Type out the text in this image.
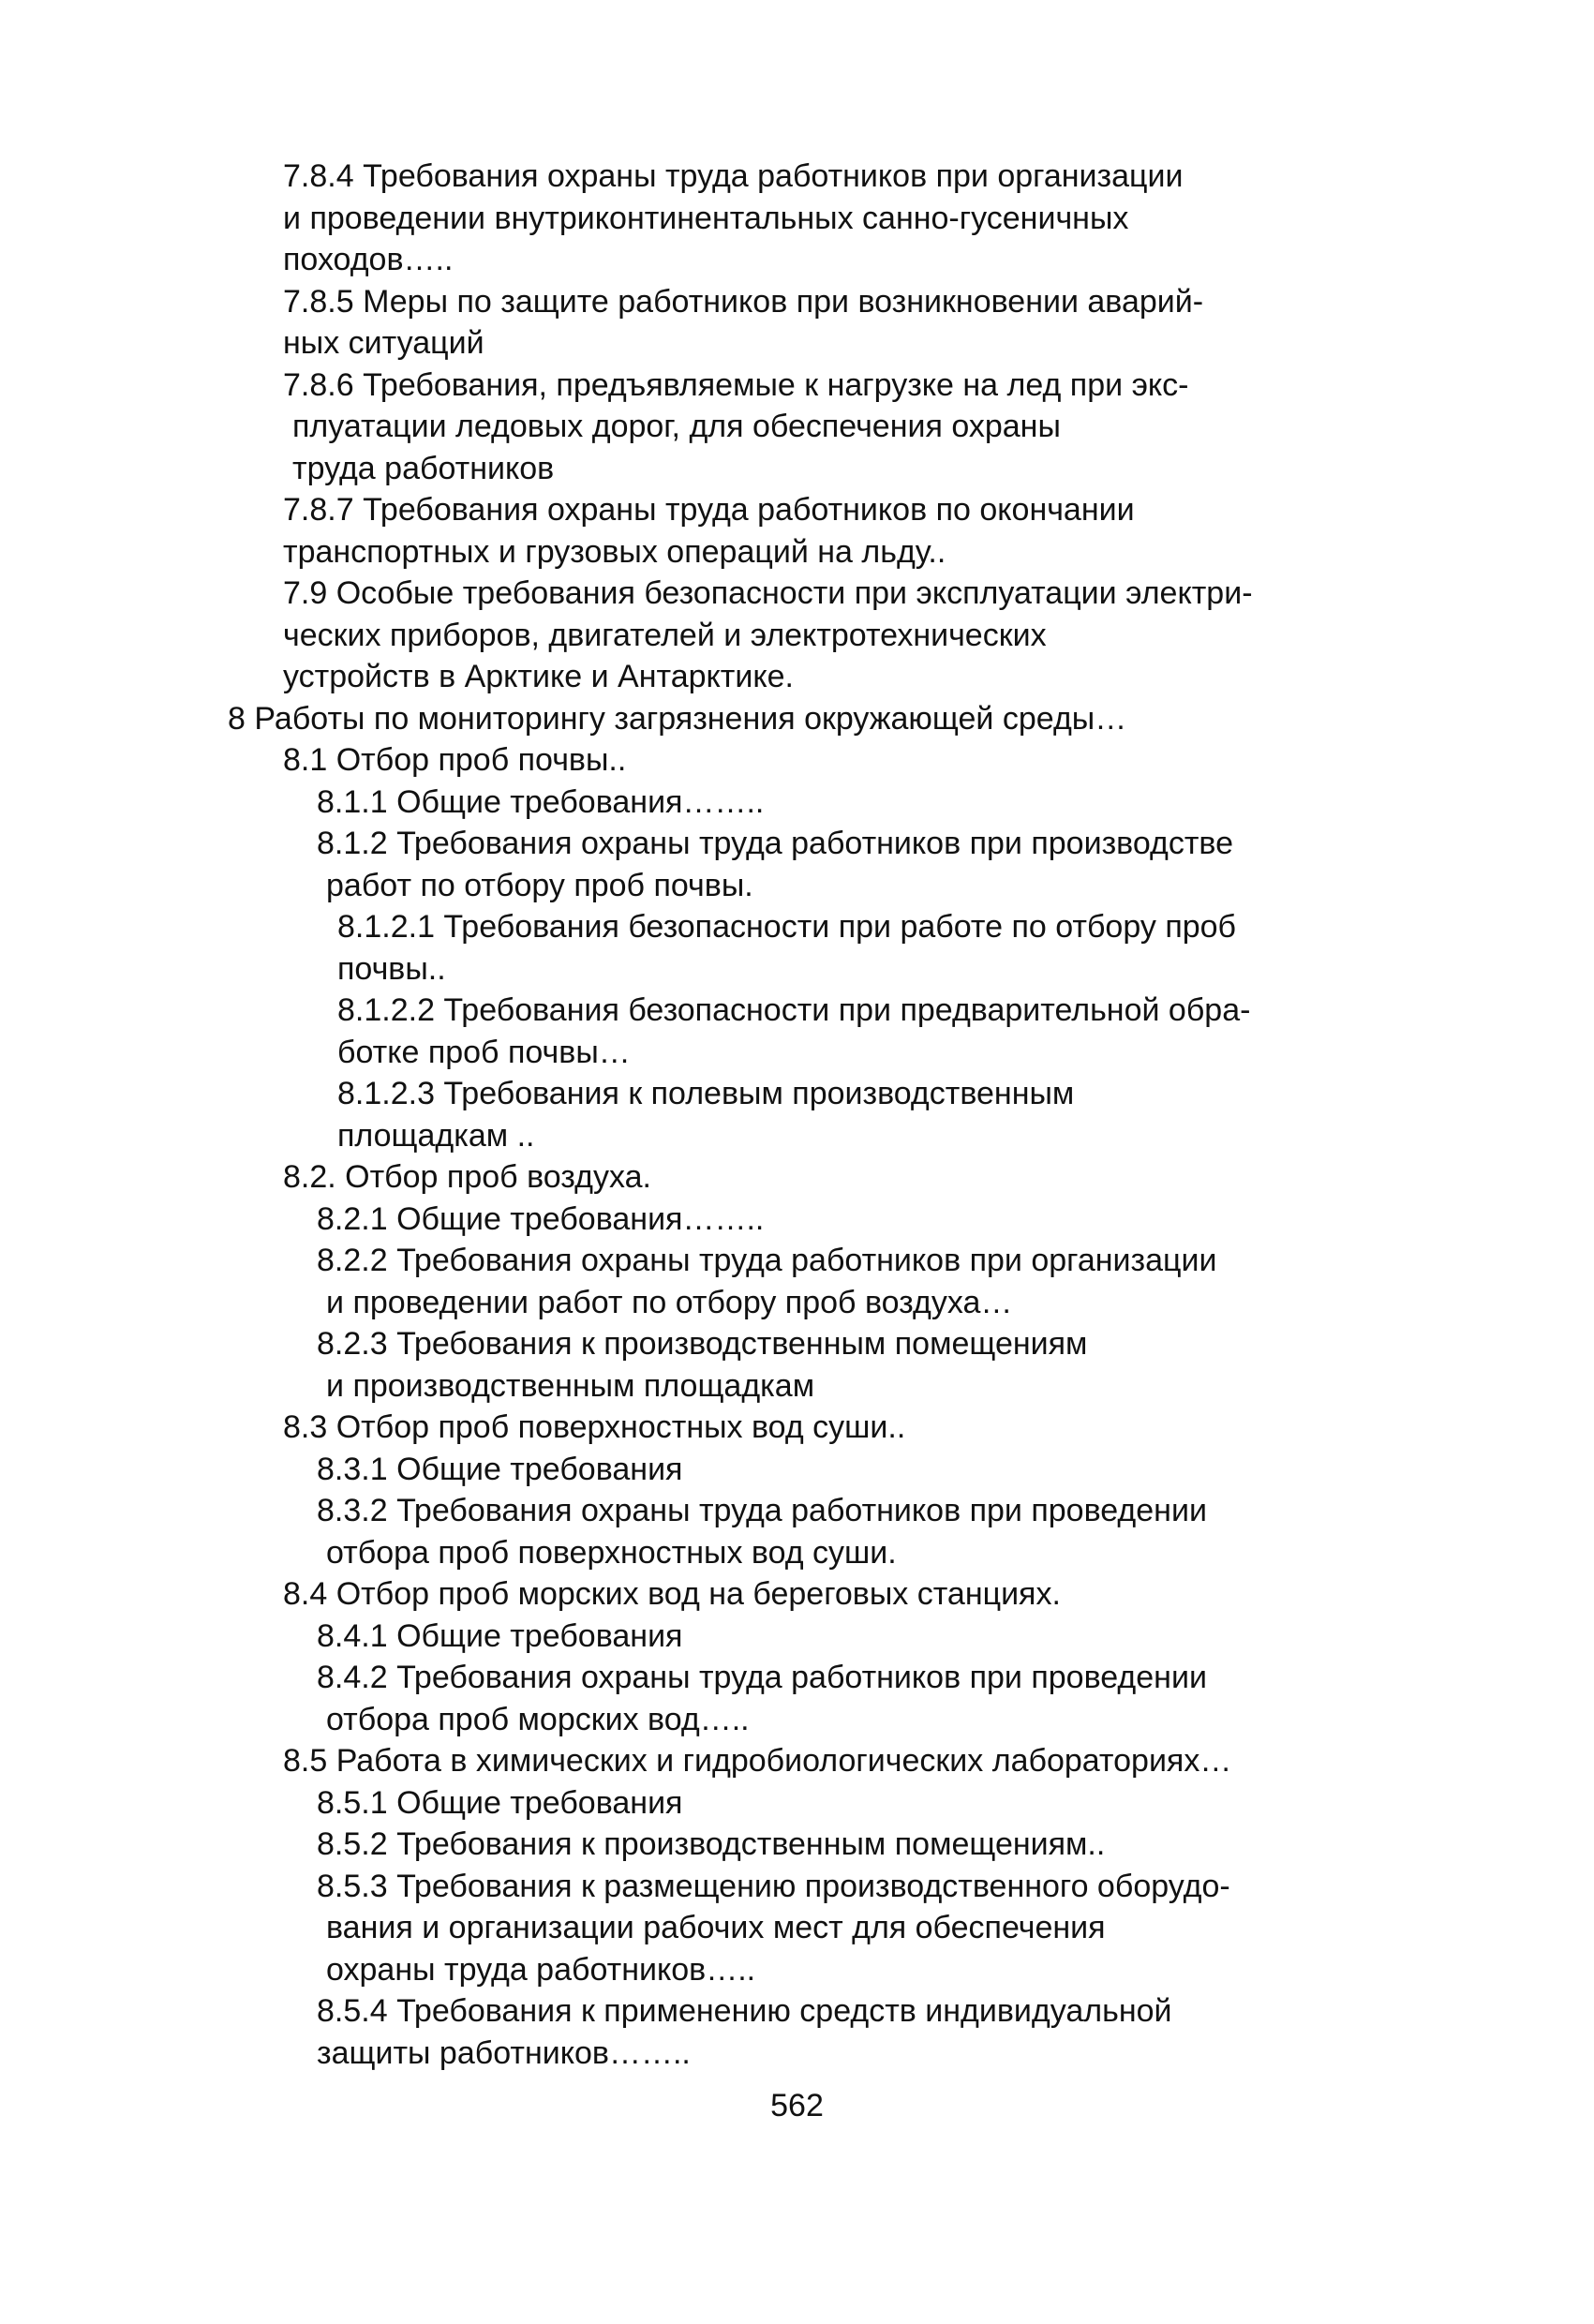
7.8.4 Требования охраны труда работников при организации
и проведении внутриконтинентальных санно-гусеничных
походов…..
7.8.5 Меры по защите работников при возникновении аварий-
ных ситуаций
7.8.6 Требования, предъявляемые к нагрузке на лед при экс-
плуатации ледовых дорог, для обеспечения охраны
труда работников
7.8.7 Требования охраны труда работников по окончании
транспортных и грузовых операций на льду..
7.9 Особые требования безопасности при эксплуатации электри-
ческих приборов, двигателей и электротехнических
устройств в Арктике и Антарктике.
8 Работы по мониторингу загрязнения окружающей среды…
8.1 Отбор проб почвы..
8.1.1 Общие требования……..
8.1.2 Требования охраны труда работников при производстве
работ по отбору проб почвы.
8.1.2.1 Требования безопасности при работе по отбору проб
почвы..
8.1.2.2 Требования безопасности при предварительной обра-
ботке проб почвы…
8.1.2.3 Требования к полевым производственным
площадкам ..
8.2. Отбор проб воздуха.
8.2.1 Общие требования……..
8.2.2 Требования охраны труда работников при организации
и проведении работ по отбору проб воздуха…
8.2.3 Требования к производственным помещениям
и производственным площадкам
8.3 Отбор проб поверхностных вод суши..
8.3.1 Общие требования
8.3.2 Требования охраны труда работников при проведении
отбора проб поверхностных вод суши.
8.4 Отбор проб морских вод на береговых станциях.
8.4.1 Общие требования
8.4.2 Требования охраны труда работников при проведении
отбора проб морских вод…..
8.5 Работа в химических и гидробиологических лабораториях…
8.5.1 Общие требования
8.5.2 Требования к производственным помещениям..
8.5.3 Требования к размещению производственного оборудо-
вания и организации рабочих мест для обеспечения
охраны труда работников…..
8.5.4 Требования к применению средств индивидуальной
защиты работников……..
562
